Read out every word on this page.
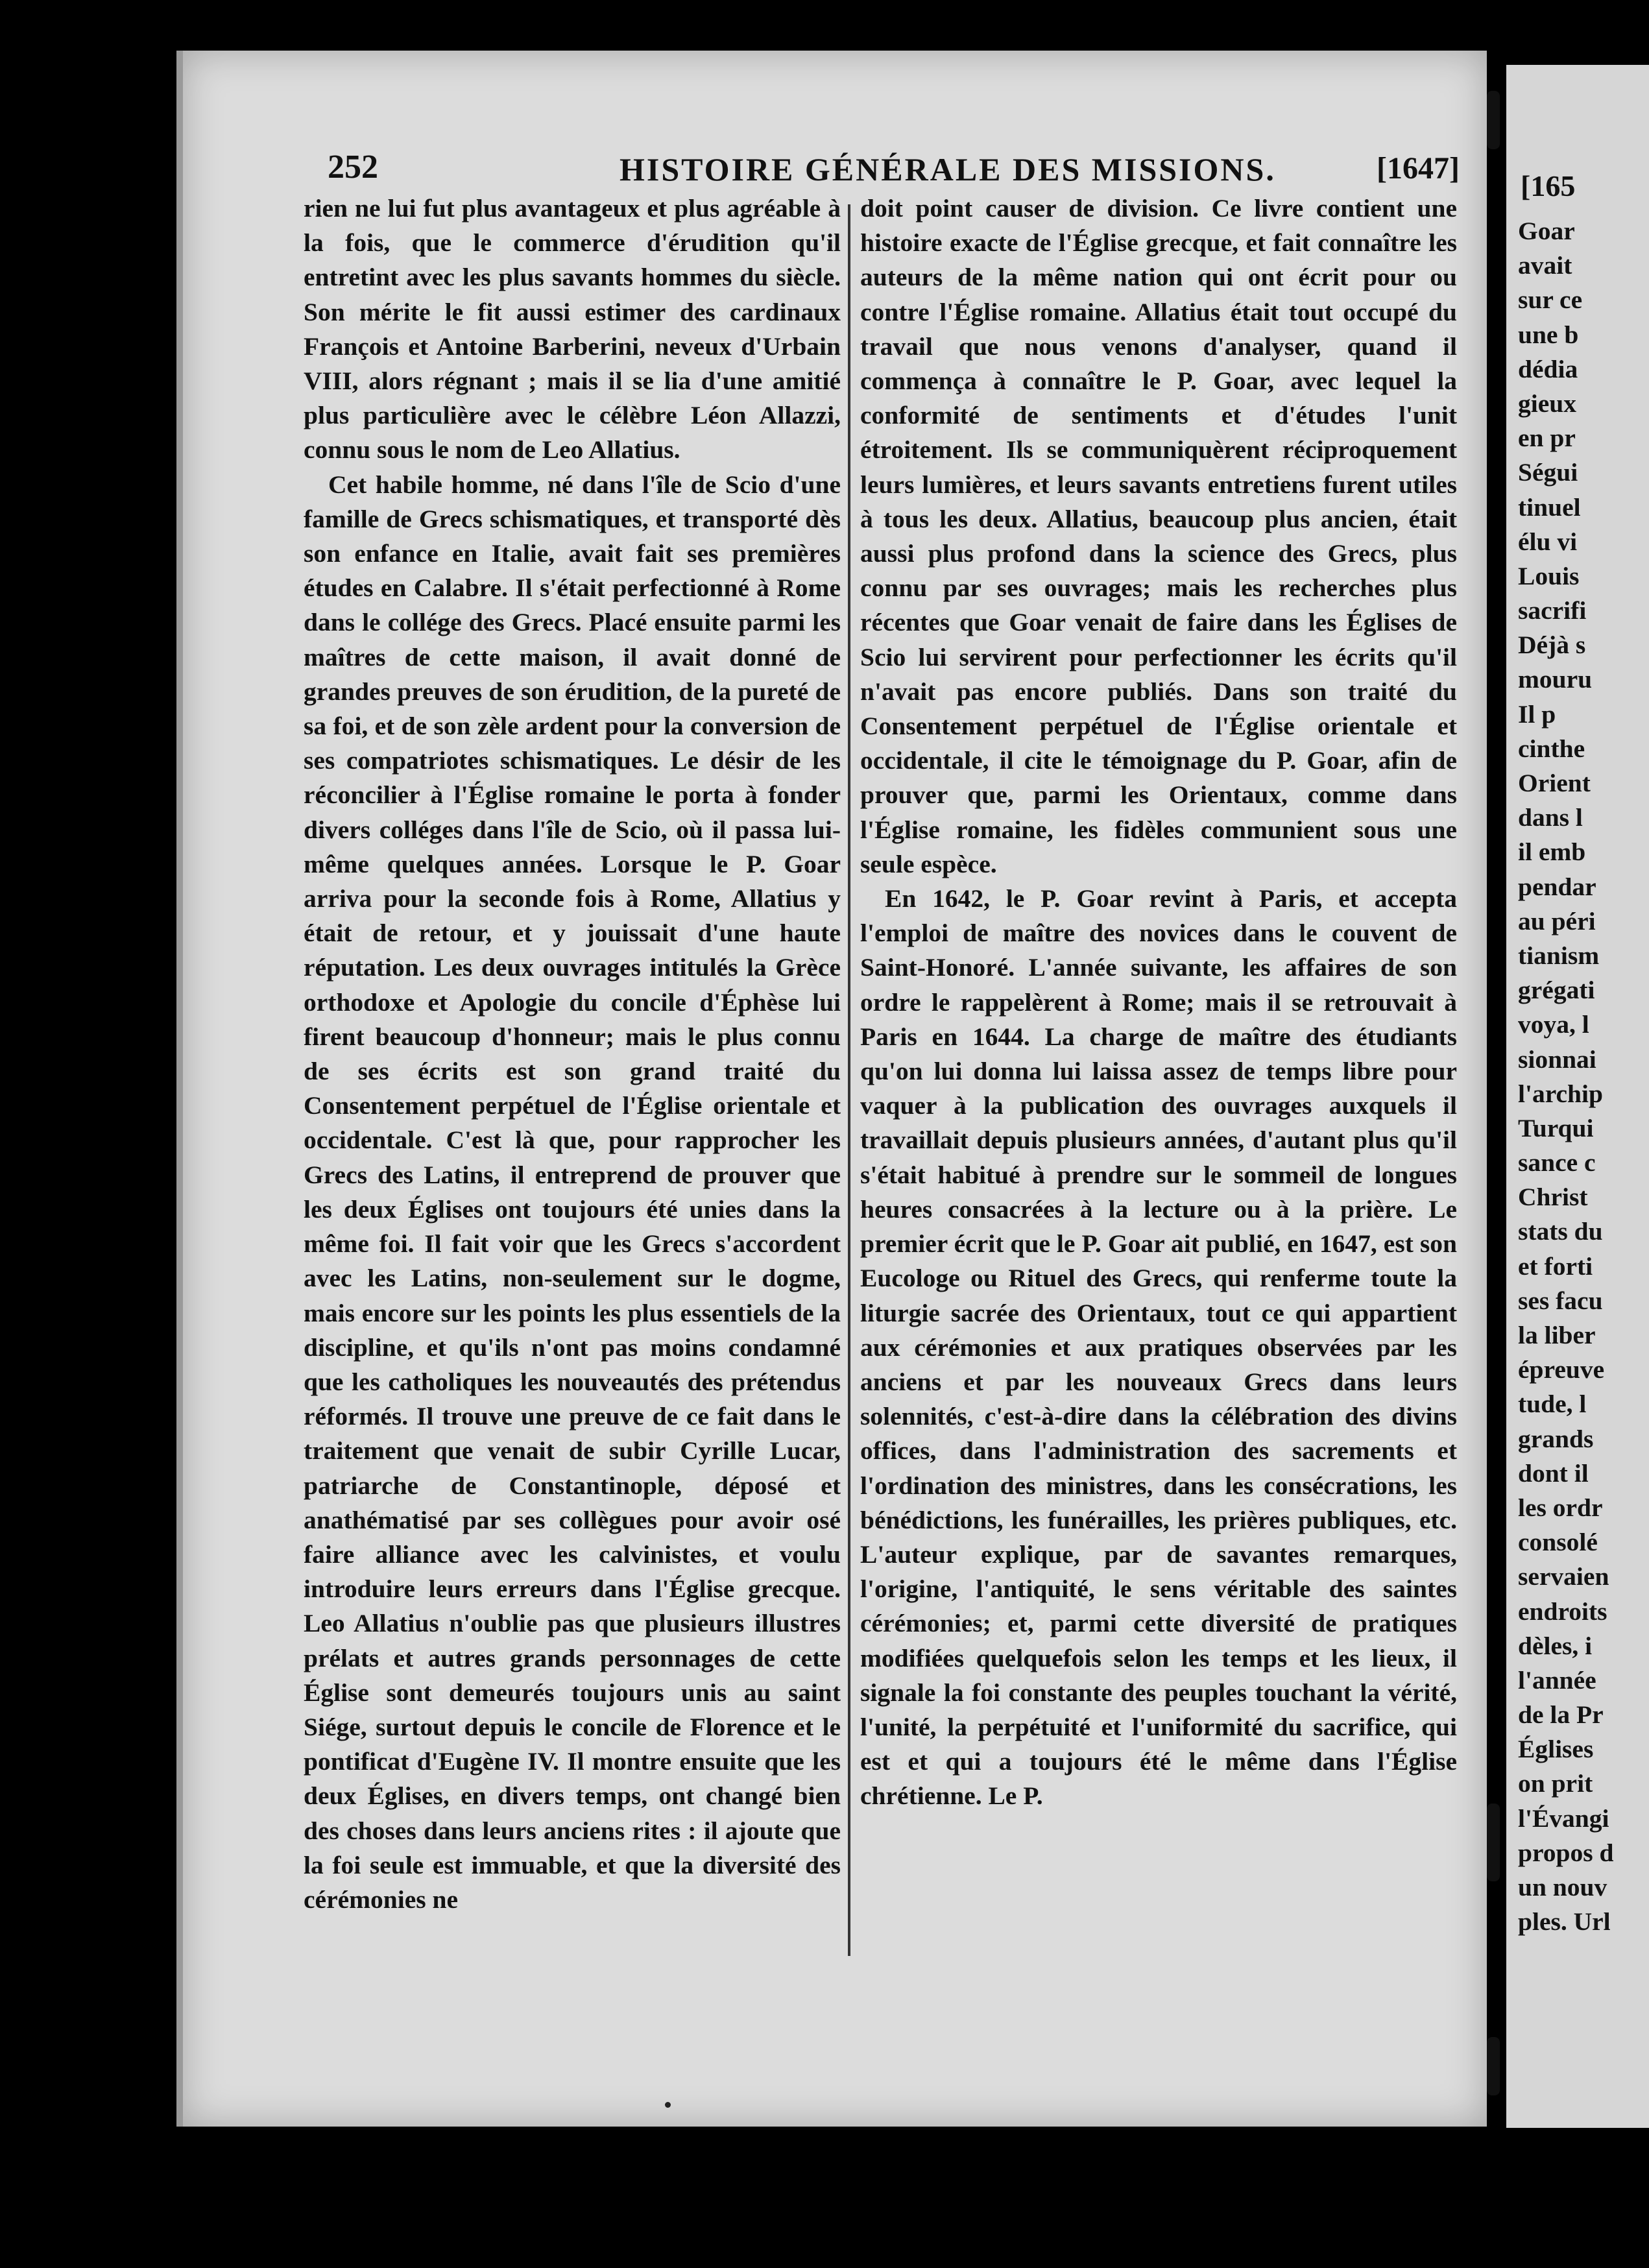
252	HISTOIRE GÉNÉRALE DES MISSIONS.	[1647]

rien ne lui fut plus avantageux et plus agréable à la fois, que le commerce d'érudition qu'il entretint avec les plus savants hommes du siècle. Son mérite le fit aussi estimer des cardinaux François et Antoine Barberini, neveux d'Urbain VIII, alors régnant ; mais il se lia d'une amitié plus particulière avec le célèbre Léon Allazzi, connu sous le nom de Leo Allatius.

Cet habile homme, né dans l'île de Scio d'une famille de Grecs schismatiques, et transporté dès son enfance en Italie, avait fait ses premières études en Calabre. Il s'était perfectionné à Rome dans le collége des Grecs. Placé ensuite parmi les maîtres de cette maison, il avait donné de grandes preuves de son érudition, de la pureté de sa foi, et de son zèle ardent pour la conversion de ses compatriotes schismatiques. Le désir de les réconcilier à l'Église romaine le porta à fonder divers colléges dans l'île de Scio, où il passa lui-même quelques années. Lorsque le P. Goar arriva pour la seconde fois à Rome, Allatius y était de retour, et y jouissait d'une haute réputation. Les deux ouvrages intitulés la Grèce orthodoxe et Apologie du concile d'Éphèse lui firent beaucoup d'honneur; mais le plus connu de ses écrits est son grand traité du Consentement perpétuel de l'Église orientale et occidentale. C'est là que, pour rapprocher les Grecs des Latins, il entreprend de prouver que les deux Églises ont toujours été unies dans la même foi. Il fait voir que les Grecs s'accordent avec les Latins, non-seulement sur le dogme, mais encore sur les points les plus essentiels de la discipline, et qu'ils n'ont pas moins condamné que les catholiques les nouveautés des prétendus réformés. Il trouve une preuve de ce fait dans le traitement que venait de subir Cyrille Lucar, patriarche de Constantinople, déposé et anathématisé par ses collègues pour avoir osé faire alliance avec les calvinistes, et voulu introduire leurs erreurs dans l'Église grecque. Leo Allatius n'oublie pas que plusieurs illustres prélats et autres grands personnages de cette Église sont demeurés toujours unis au saint Siége, surtout depuis le concile de Florence et le pontificat d'Eugène IV. Il montre ensuite que les deux Églises, en divers temps, ont changé bien des choses dans leurs anciens rites : il ajoute que la foi seule est immuable, et que la diversité des cérémonies ne

doit point causer de division. Ce livre contient une histoire exacte de l'Église grecque, et fait connaître les auteurs de la même nation qui ont écrit pour ou contre l'Église romaine. Allatius était tout occupé du travail que nous venons d'analyser, quand il commença à connaître le P. Goar, avec lequel la conformité de sentiments et d'études l'unit étroitement. Ils se communiquèrent réciproquement leurs lumières, et leurs savants entretiens furent utiles à tous les deux. Allatius, beaucoup plus ancien, était aussi plus profond dans la science des Grecs, plus connu par ses ouvrages; mais les recherches plus récentes que Goar venait de faire dans les Églises de Scio lui servirent pour perfectionner les écrits qu'il n'avait pas encore publiés. Dans son traité du Consentement perpétuel de l'Église orientale et occidentale, il cite le témoignage du P. Goar, afin de prouver que, parmi les Orientaux, comme dans l'Église romaine, les fidèles communient sous une seule espèce.

En 1642, le P. Goar revint à Paris, et accepta l'emploi de maître des novices dans le couvent de Saint-Honoré. L'année suivante, les affaires de son ordre le rappelèrent à Rome; mais il se retrouvait à Paris en 1644. La charge de maître des étudiants qu'on lui donna lui laissa assez de temps libre pour vaquer à la publication des ouvrages auxquels il travaillait depuis plusieurs années, d'autant plus qu'il s'était habitué à prendre sur le sommeil de longues heures consacrées à la lecture ou à la prière. Le premier écrit que le P. Goar ait publié, en 1647, est son Eucologe ou Rituel des Grecs, qui renferme toute la liturgie sacrée des Orientaux, tout ce qui appartient aux cérémonies et aux pratiques observées par les anciens et par les nouveaux Grecs dans leurs solennités, c'est-à-dire dans la célébration des divins offices, dans l'administration des sacrements et l'ordination des ministres, dans les consécrations, les bénédictions, les funérailles, les prières publiques, etc. L'auteur explique, par de savantes remarques, l'origine, l'antiquité, le sens véritable des saintes cérémonies; et, parmi cette diversité de pratiques modifiées quelquefois selon les temps et les lieux, il signale la foi constante des peuples touchant la vérité, l'unité, la perpétuité et l'uniformité du sacrifice, qui est et qui a toujours été le même dans l'Église chrétienne. Le P.

[165
Goar
avait
sur ce
une b
dédia
gieux
en pr
Ségui
tinuel
élu vi
Louis
sacrifi
Déjà s
mouru
Il p
cinthe
Orient
dans l
il emb
pendar
au péri
tianism
grégati
voya, l
sionnai
l'archip
Turqui
sance c
Christ
stats du
et forti
ses facu
la liber
épreuve
tude, l
grands
dont il
les ordr
consolé
servaien
endroits
dèles, i
l'année
de la Pr
Églises
on prit
l'Évangi
propos d
un nouv
ples. Url
